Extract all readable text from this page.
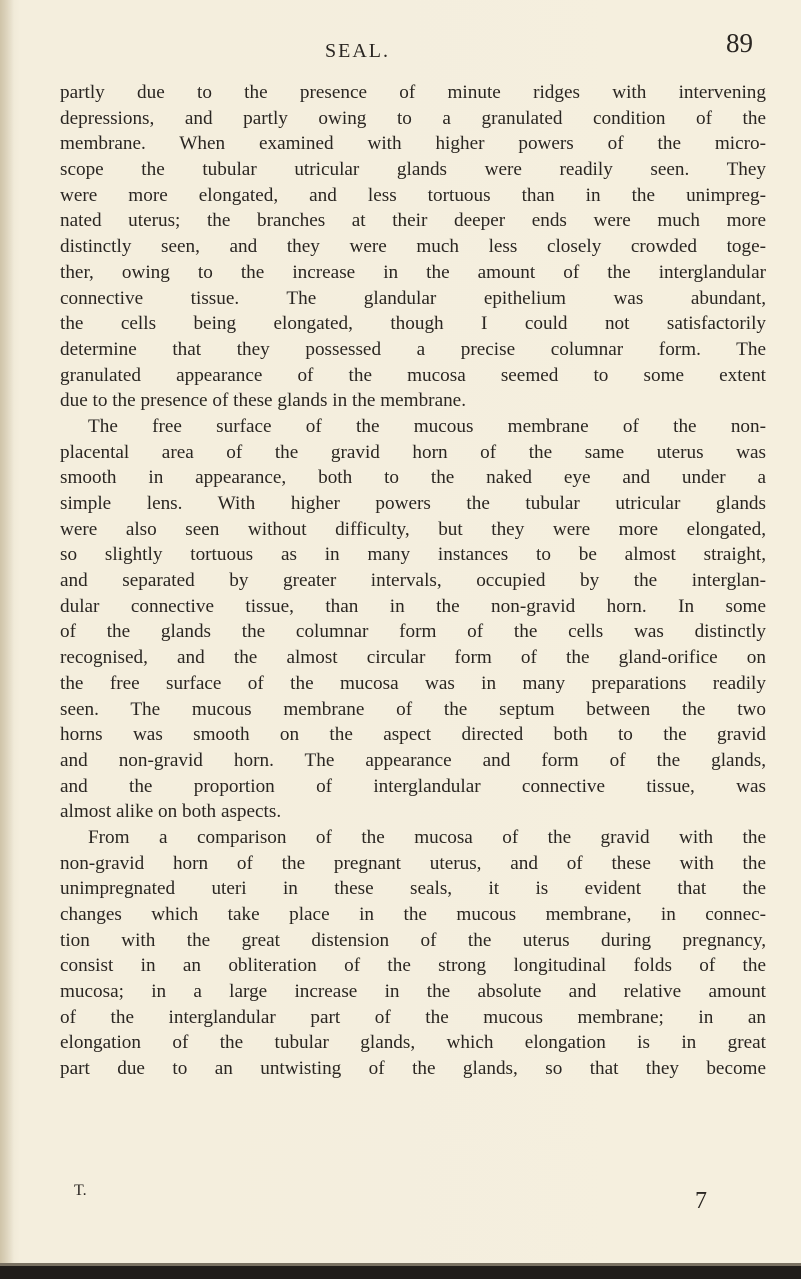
SEAL.	89
partly due to the presence of minute ridges with intervening
depressions, and partly owing to a granulated condition of the
membrane. When examined with higher powers of the micro-
scope the tubular utricular glands were readily seen. They
were more elongated, and less tortuous than in the unimpreg-
nated uterus; the branches at their deeper ends were much more
distinctly seen, and they were much less closely crowded toge-
ther, owing to the increase in the amount of the interglandular
connective tissue. The glandular epithelium was abundant,
the cells being elongated, though I could not satisfactorily
determine that they possessed a precise columnar form. The
granulated appearance of the mucosa seemed to some extent
due to the presence of these glands in the membrane.
The free surface of the mucous membrane of the non-
placental area of the gravid horn of the same uterus was
smooth in appearance, both to the naked eye and under a
simple lens. With higher powers the tubular utricular glands
were also seen without difficulty, but they were more elongated,
so slightly tortuous as in many instances to be almost straight,
and separated by greater intervals, occupied by the interglan-
dular connective tissue, than in the non-gravid horn. In some
of the glands the columnar form of the cells was distinctly
recognised, and the almost circular form of the gland-orifice on
the free surface of the mucosa was in many preparations readily
seen. The mucous membrane of the septum between the two
horns was smooth on the aspect directed both to the gravid
and non-gravid horn. The appearance and form of the glands,
and the proportion of interglandular connective tissue, was
almost alike on both aspects.
From a comparison of the mucosa of the gravid with the
non-gravid horn of the pregnant uterus, and of these with the
unimpregnated uteri in these seals, it is evident that the
changes which take place in the mucous membrane, in connec-
tion with the great distension of the uterus during pregnancy,
consist in an obliteration of the strong longitudinal folds of the
mucosa; in a large increase in the absolute and relative amount
of the interglandular part of the mucous membrane; in an
elongation of the tubular glands, which elongation is in great
part due to an untwisting of the glands, so that they become
T.	7
